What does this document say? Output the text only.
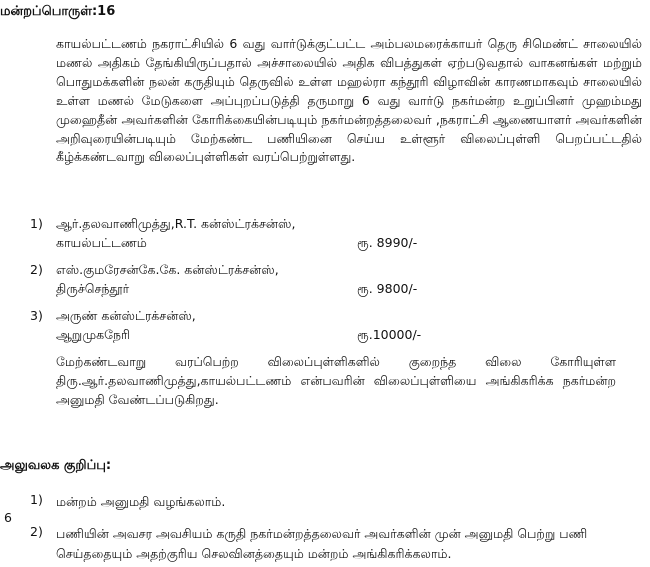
மன்றப்பொருள்:16
காயல்பட்டணம் நகராட்சியில் 6 வது வார்டுக்குட்பட்ட அம்பலமரைக்காயர் தெரு சிமெண்ட் சாலையில் மணல் அதிகம் தேங்கியிருப்பதால் அச்சாலையில் அதிக விபத்துகள் ஏற்படுவதால் வாகனங்கள் மற்றும் பொதுமக்களின் நலன் கருதியும் தெருவில் உள்ள மஹல்ரா கந்தூரி விழாவின் காரணமாகவும் சாலையில் உள்ள மணல் மேடுகளை அப்புறப்படுத்தி தருமாறு 6 வது வார்டு நகர்மன்ற உறுப்பினர் முஹம்மது முஹைதீன் அவர்களின் கோரிக்கையின்படியும் நகர்மன்றத்தலைவர் ,நகராட்சி ஆணையாளர் அவர்களின் அறிவுரையின்படியும் மேற்கண்ட பணியினை செய்ய உள்ளூர் விலைப்புள்ளி பெறப்பட்டதில் கீழ்க்கண்டவாறு விலைப்புள்ளிகள் வரப்பெற்றுள்ளது.
1)	ஆர்.தலவாணிமுத்து,R.T. கன்ஸ்ட்ரக்சன்ஸ்,
காயல்பட்டணம்	ரூ. 8990/-
2)	எஸ்.குமரேசன்கே.கே. கன்ஸ்ட்ரக்சன்ஸ்,
திருச்செந்தூர்	ரூ. 9800/-
3)	அருண் கன்ஸ்ட்ரக்சன்ஸ்,
ஆறுமுகநேரி	ரூ.10000/-
மேற்கண்டவாறு வரப்பெற்ற விலைப்புள்ளிகளில் குறைந்த விலை கோரியுள்ள திரு.ஆர்.தலவாணிமுத்து,காயல்பட்டணம் என்பவரின் விலைப்புள்ளியை அங்கிகரிக்க நகர்மன்ற அனுமதி வேண்டப்படுகிறது.
அலுவலக குறிப்பு:
1)	மன்றம் அனுமதி வழங்கலாம்.
6
2)	பணியின் அவசர அவசியம் கருதி நகர்மன்றத்தலைவர் அவர்களின் முன் அனுமதி பெற்று பணி செய்ததையும் அதற்குரிய செலவினத்தையும் மன்றம் அங்கிகரிக்கலாம்.
